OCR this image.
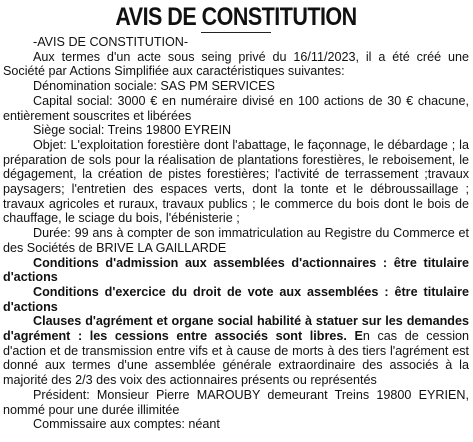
AVIS DE CONSTITUTION

-AVIS DE CONSTITUTION-

Aux termes d'un acte sous seing privé du 16/11/2023, il a été créé une Société par Actions Simplifiée aux caractéristiques suivantes:

Dénomination sociale: SAS PM SERVICES

Capital social: 3000 € en numéraire divisé en 100 actions de 30 € chacune, entièrement souscrites et libérées

Siège social: Treins 19800 EYREIN

Objet: L'exploitation forestière dont l'abattage, le façonnage, le débardage ; la préparation de sols pour la réalisation de plantations forestières, le reboisement, le dégagement, la création de pistes forestières; l'activité de terrassement ;travaux paysagers; l'entretien des espaces verts, dont la tonte et le débroussaillage ; travaux agricoles et ruraux, travaux publics ; le commerce du bois dont le bois de chauffage, le sciage du bois, l'ébénisterie ;

Durée: 99 ans à compter de son immatriculation au Registre du Commerce et des Sociétés de BRIVE LA GAILLARDE

Conditions d'admission aux assemblées d'actionnaires : être titulaire d'actions

Conditions d'exercice du droit de vote aux assemblées : être titulaire d'actions

Clauses d'agrément et organe social habilité à statuer sur les demandes d'agrément : les cessions entre associés sont libres. En cas de cession d'action et de transmission entre vifs et à cause de morts à des tiers l'agrément est donné aux termes d'une assemblée générale extraordinaire des associés à la majorité des 2/3 des voix des actionnaires présents ou représentés

Président: Monsieur Pierre MAROUBY demeurant Treins 19800 EYRIEN, nommé pour une durée illimitée

Commissaire aux comptes: néant
